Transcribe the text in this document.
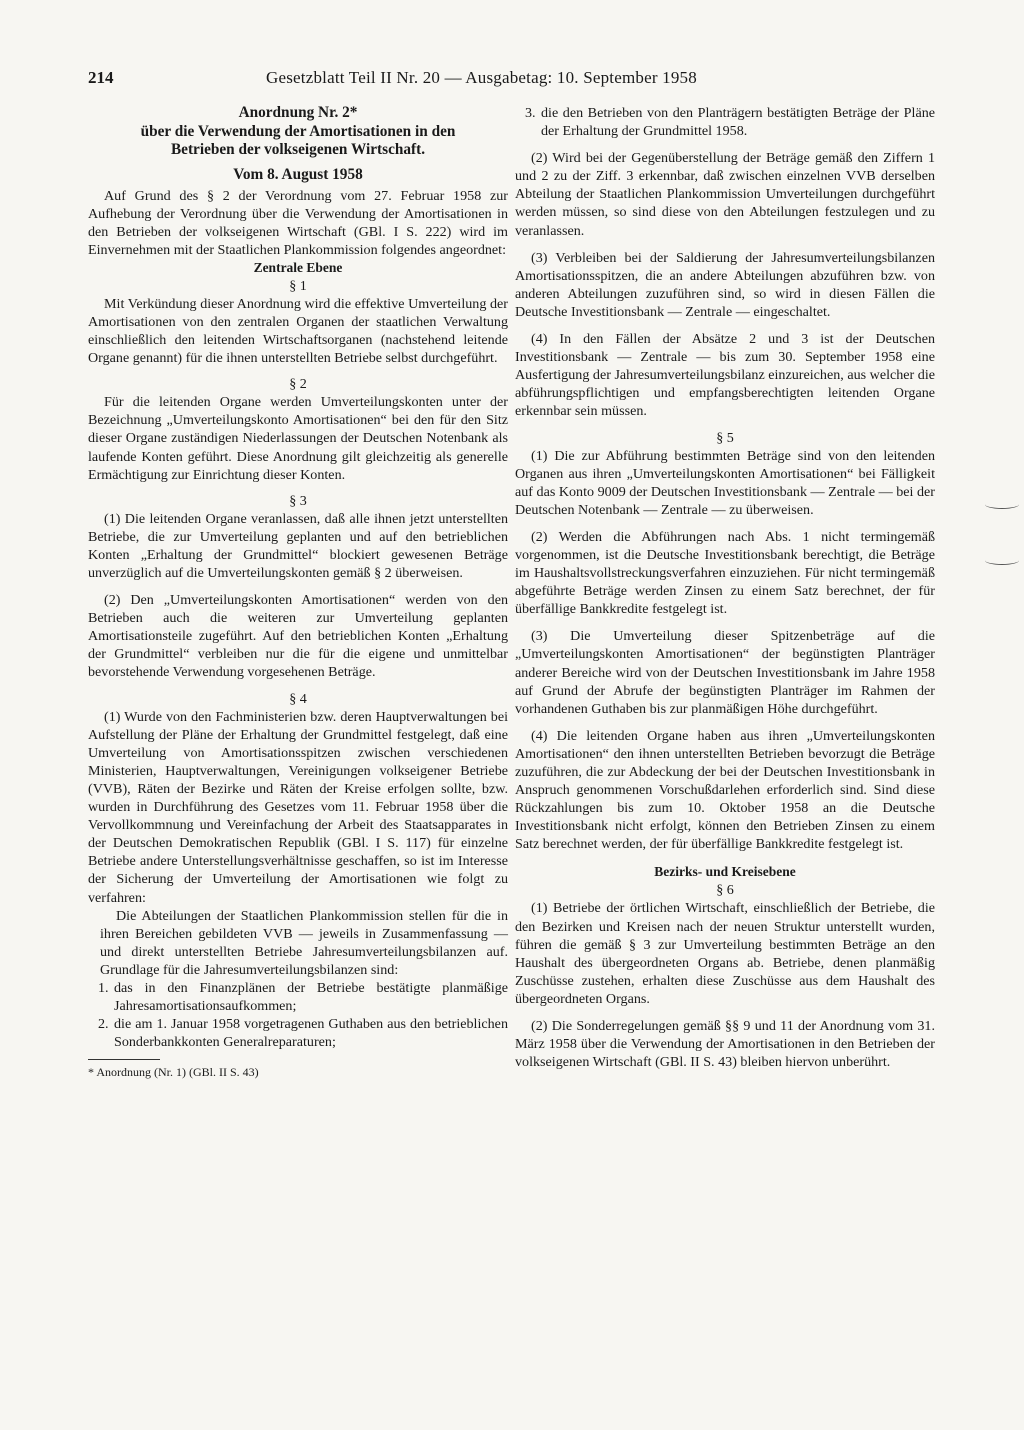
214	Gesetzblatt Teil II Nr. 20 — Ausgabetag: 10. September 1958
Anordnung Nr. 2*
über die Verwendung der Amortisationen in den
Betrieben der volkseigenen Wirtschaft.
Vom 8. August 1958

Auf Grund des § 2 der Verordnung vom 27. Februar 1958 zur Aufhebung der Verordnung über die Verwendung der Amortisationen in den Betrieben der volkseigenen Wirtschaft (GBl. I S. 222) wird im Einvernehmen mit der Staatlichen Plankommission folgendes angeordnet:

Zentrale Ebene
§ 1

Mit Verkündung dieser Anordnung wird die effektive Umverteilung der Amortisationen von den zentralen Organen der staatlichen Verwaltung einschließlich den leitenden Wirtschaftsorganen (nachstehend leitende Organe genannt) für die ihnen unterstellten Betriebe selbst durchgeführt.

§ 2

Für die leitenden Organe werden Umverteilungskonten unter der Bezeichnung „Umverteilungskonto Amortisationen“ bei den für den Sitz dieser Organe zuständigen Niederlassungen der Deutschen Notenbank als laufende Konten geführt. Diese Anordnung gilt gleichzeitig als generelle Ermächtigung zur Einrichtung dieser Konten.

§ 3

(1) Die leitenden Organe veranlassen, daß alle ihnen jetzt unterstellten Betriebe, die zur Umverteilung geplanten und auf den betrieblichen Konten „Erhaltung der Grundmittel“ blockiert gewesenen Beträge unverzüglich auf die Umverteilungskonten gemäß § 2 überweisen.

(2) Den „Umverteilungskonten Amortisationen“ werden von den Betrieben auch die weiteren zur Umverteilung geplanten Amortisationsteile zugeführt. Auf den betrieblichen Konten „Erhaltung der Grundmittel“ verbleiben nur die für die eigene und unmittelbar bevorstehende Verwendung vorgesehenen Beträge.

§ 4

(1) Wurde von den Fachministerien bzw. deren Hauptverwaltungen bei Aufstellung der Pläne der Erhaltung der Grundmittel festgelegt, daß eine Umverteilung von Amortisationsspitzen zwischen verschiedenen Ministerien, Hauptverwaltungen, Vereinigungen volkseigener Betriebe (VVB), Räten der Bezirke und Räten der Kreise erfolgen sollte, bzw. wurden in Durchführung des Gesetzes vom 11. Februar 1958 über die Vervollkommnung und Vereinfachung der Arbeit des Staatsapparates in der Deutschen Demokratischen Republik (GBl. I S. 117) für einzelne Betriebe andere Unterstellungsverhältnisse geschaffen, so ist im Interesse der Sicherung der Umverteilung der Amortisationen wie folgt zu verfahren:

Die Abteilungen der Staatlichen Plankommission stellen für die in ihren Bereichen gebildeten VVB — jeweils in Zusammenfassung — und direkt unterstellten Betriebe Jahresumverteilungsbilanzen auf. Grundlage für die Jahresumverteilungsbilanzen sind:
1. das in den Finanzplänen der Betriebe bestätigte planmäßige Jahresamortisationsaufkommen;
2. die am 1. Januar 1958 vorgetragenen Guthaben aus den betrieblichen Sonderbankkonten Generalreparaturen;
* Anordnung (Nr. 1) (GBl. II S. 43)
3. die den Betrieben von den Planträgern bestätigten Beträge der Pläne der Erhaltung der Grundmittel 1958.

(2) Wird bei der Gegenüberstellung der Beträge gemäß den Ziffern 1 und 2 zu der Ziff. 3 erkennbar, daß zwischen einzelnen VVB derselben Abteilung der Staatlichen Plankommission Umverteilungen durchgeführt werden müssen, so sind diese von den Abteilungen festzulegen und zu veranlassen.

(3) Verbleiben bei der Saldierung der Jahresumverteilungsbilanzen Amortisationsspitzen, die an andere Abteilungen abzuführen bzw. von anderen Abteilungen zuzuführen sind, so wird in diesen Fällen die Deutsche Investitionsbank — Zentrale — eingeschaltet.

(4) In den Fällen der Absätze 2 und 3 ist der Deutschen Investitionsbank — Zentrale — bis zum 30. September 1958 eine Ausfertigung der Jahresumverteilungsbilanz einzureichen, aus welcher die abführungspflichtigen und empfangsberechtigten leitenden Organe erkennbar sein müssen.

§ 5

(1) Die zur Abführung bestimmten Beträge sind von den leitenden Organen aus ihren „Umverteilungskonten Amortisationen“ bei Fälligkeit auf das Konto 9009 der Deutschen Investitionsbank — Zentrale — bei der Deutschen Notenbank — Zentrale — zu überweisen.

(2) Werden die Abführungen nach Abs. 1 nicht termingemäß vorgenommen, ist die Deutsche Investitionsbank berechtigt, die Beträge im Haushaltsvollstreckungsverfahren einzuziehen. Für nicht termingemäß abgeführte Beträge werden Zinsen zu einem Satz berechnet, der für überfällige Bankkredite festgelegt ist.

(3) Die Umverteilung dieser Spitzenbeträge auf die „Umverteilungskonten Amortisationen“ der begünstigten Planträger anderer Bereiche wird von der Deutschen Investitionsbank im Jahre 1958 auf Grund der Abrufe der begünstigten Planträger im Rahmen der vorhandenen Guthaben bis zur planmäßigen Höhe durchgeführt.

(4) Die leitenden Organe haben aus ihren „Umverteilungskonten Amortisationen“ den ihnen unterstellten Betrieben bevorzugt die Beträge zuzuführen, die zur Abdeckung der bei der Deutschen Investitionsbank in Anspruch genommenen Vorschußdarlehen erforderlich sind. Sind diese Rückzahlungen bis zum 10. Oktober 1958 an die Deutsche Investitionsbank nicht erfolgt, können den Betrieben Zinsen zu einem Satz berechnet werden, der für überfällige Bankkredite festgelegt ist.

Bezirks- und Kreisebene
§ 6

(1) Betriebe der örtlichen Wirtschaft, einschließlich der Betriebe, die den Bezirken und Kreisen nach der neuen Struktur unterstellt wurden, führen die gemäß § 3 zur Umverteilung bestimmten Beträge an den Haushalt des übergeordneten Organs ab. Betriebe, denen planmäßig Zuschüsse zustehen, erhalten diese Zuschüsse aus dem Haushalt des übergeordneten Organs.

(2) Die Sonderregelungen gemäß §§ 9 und 11 der Anordnung vom 31. März 1958 über die Verwendung der Amortisationen in den Betrieben der volkseigenen Wirtschaft (GBl. II S. 43) bleiben hiervon unberührt.
